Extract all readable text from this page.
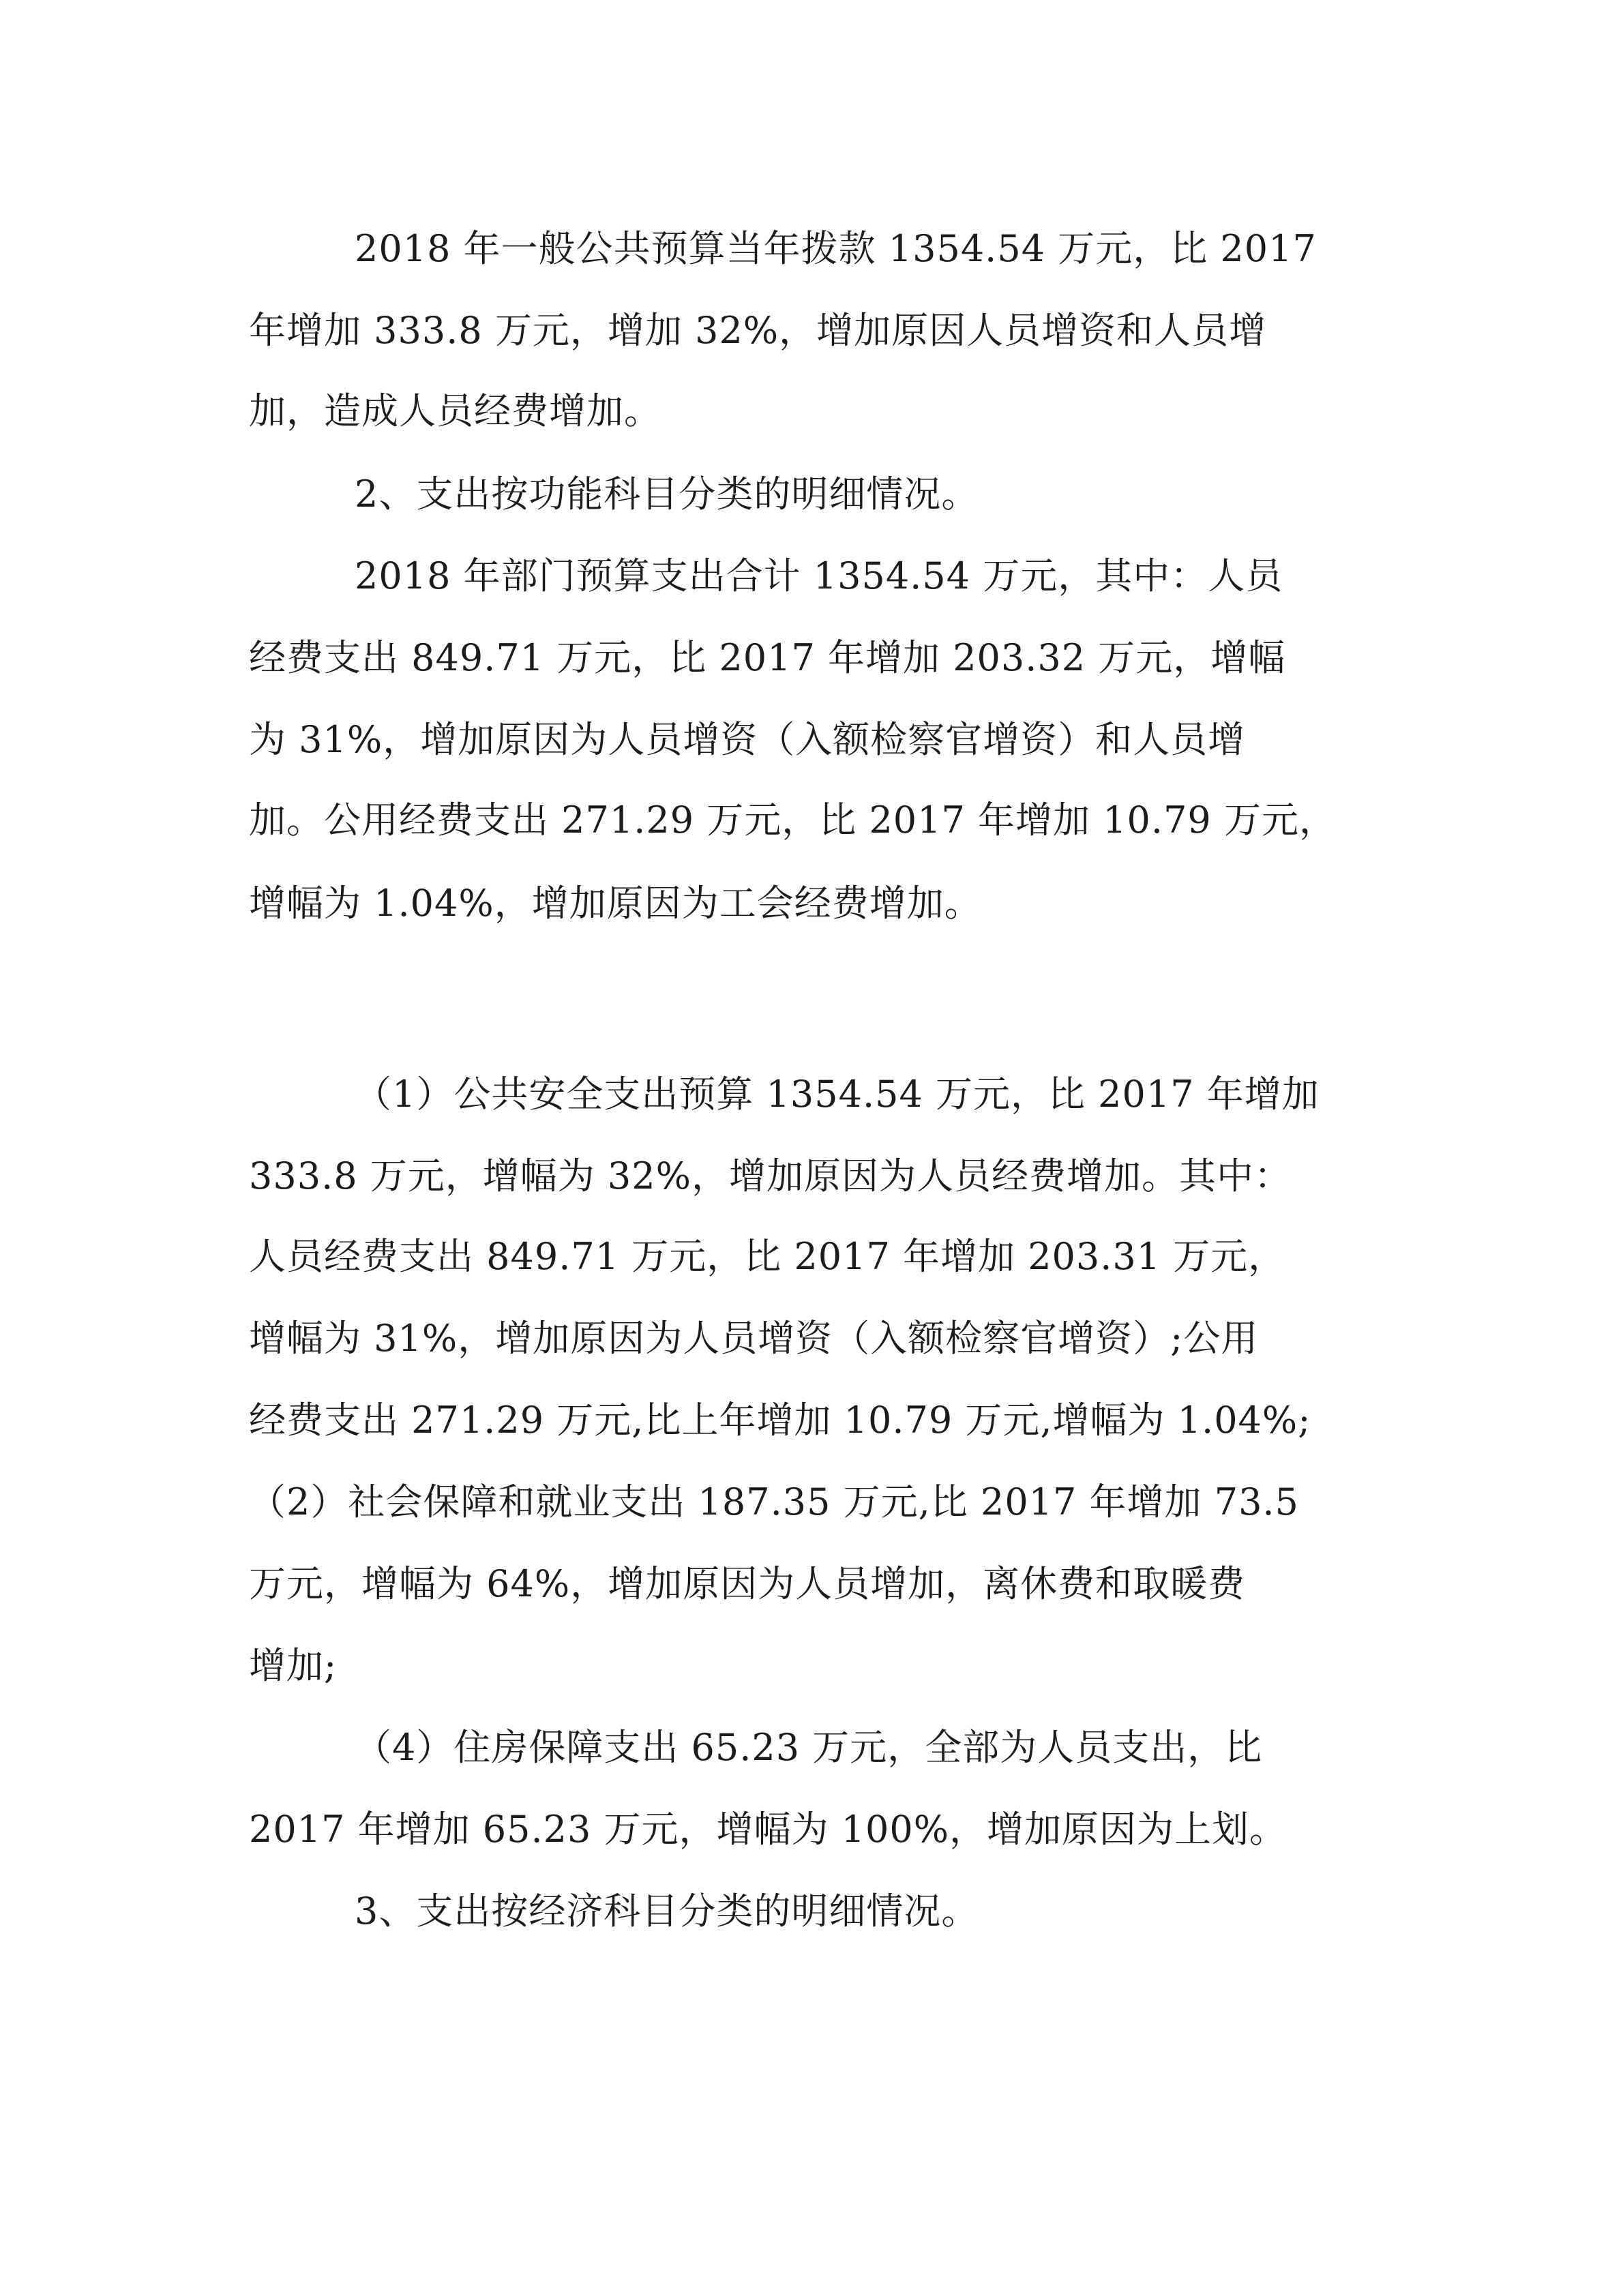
2018 年一般公共预算当年拨款 1354.54 万元，比 2017
年增加 333.8 万元，增加 32%，增加原因人员增资和人员增
加，造成人员经费增加。
2、支出按功能科目分类的明细情况。
2018 年部门预算支出合计 1354.54 万元，其中：人员
经费支出 849.71 万元，比 2017 年增加 203.32 万元，增幅
为 31%，增加原因为人员增资（入额检察官增资）和人员增
加。公用经费支出 271.29 万元，比 2017 年增加 10.79 万元，
增幅为 1.04%，增加原因为工会经费增加。
（1）公共安全支出预算 1354.54 万元，比 2017 年增加
333.8 万元，增幅为 32%，增加原因为人员经费增加。其中：
人员经费支出 849.71 万元，比 2017 年增加 203.31 万元，
增幅为 31%，增加原因为人员增资（入额检察官增资）;公用
经费支出 271.29 万元,比上年增加 10.79 万元,增幅为 1.04%;
（2）社会保障和就业支出 187.35 万元,比 2017 年增加 73.5
万元，增幅为 64%，增加原因为人员增加，离休费和取暖费
增加;
（4）住房保障支出 65.23 万元，全部为人员支出，比
2017 年增加 65.23 万元，增幅为 100%，增加原因为上划。
3、支出按经济科目分类的明细情况。
